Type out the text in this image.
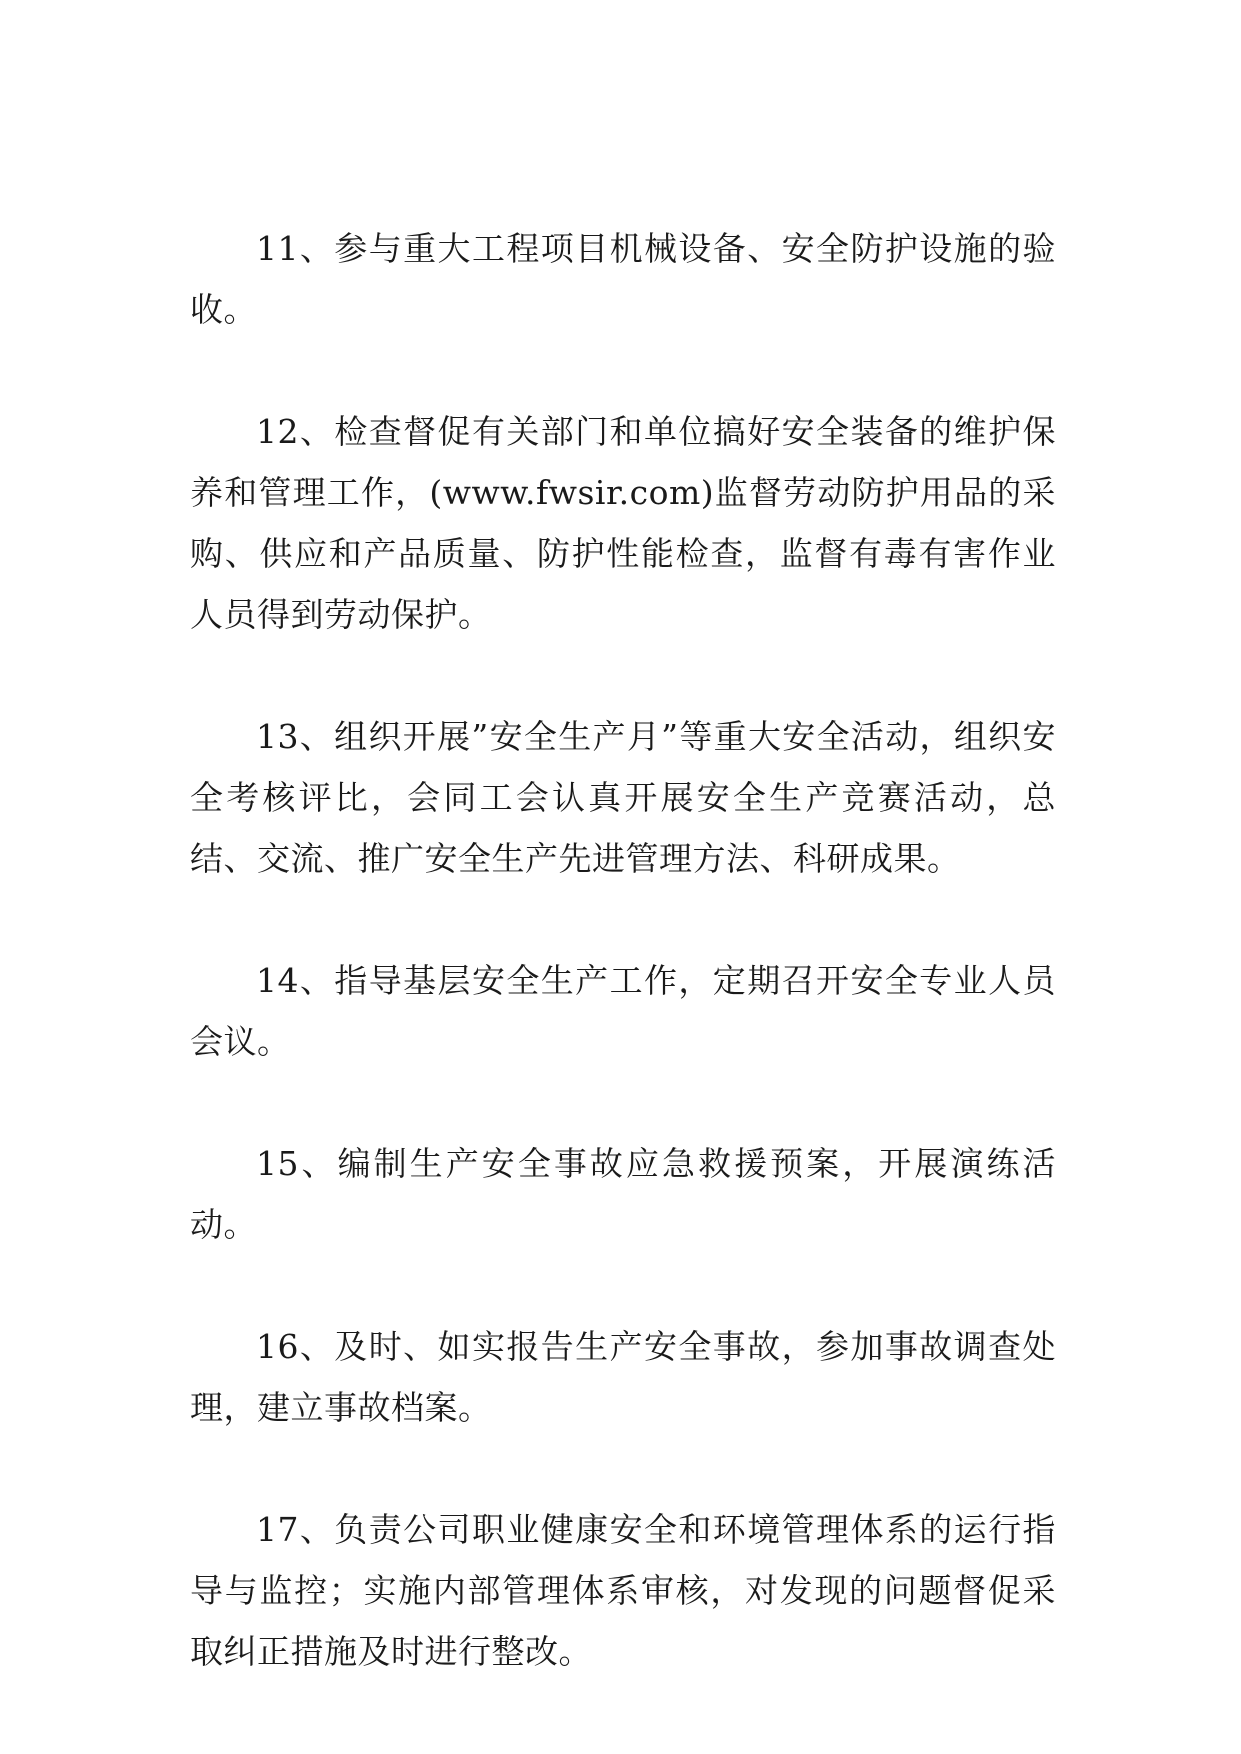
11、参与重大工程项目机械设备、安全防护设施的验收。

12、检查督促有关部门和单位搞好安全装备的维护保养和管理工作，(www.fwsir.com)监督劳动防护用品的采购、供应和产品质量、防护性能检查，监督有毒有害作业人员得到劳动保护。

13、组织开展”安全生产月”等重大安全活动，组织安全考核评比，会同工会认真开展安全生产竞赛活动，总结、交流、推广安全生产先进管理方法、科研成果。

14、指导基层安全生产工作，定期召开安全专业人员会议。

15、编制生产安全事故应急救援预案，开展演练活动。

16、及时、如实报告生产安全事故，参加事故调查处理，建立事故档案。

17、负责公司职业健康安全和环境管理体系的运行指导与监控；实施内部管理体系审核，对发现的问题督促采取纠正措施及时进行整改。
